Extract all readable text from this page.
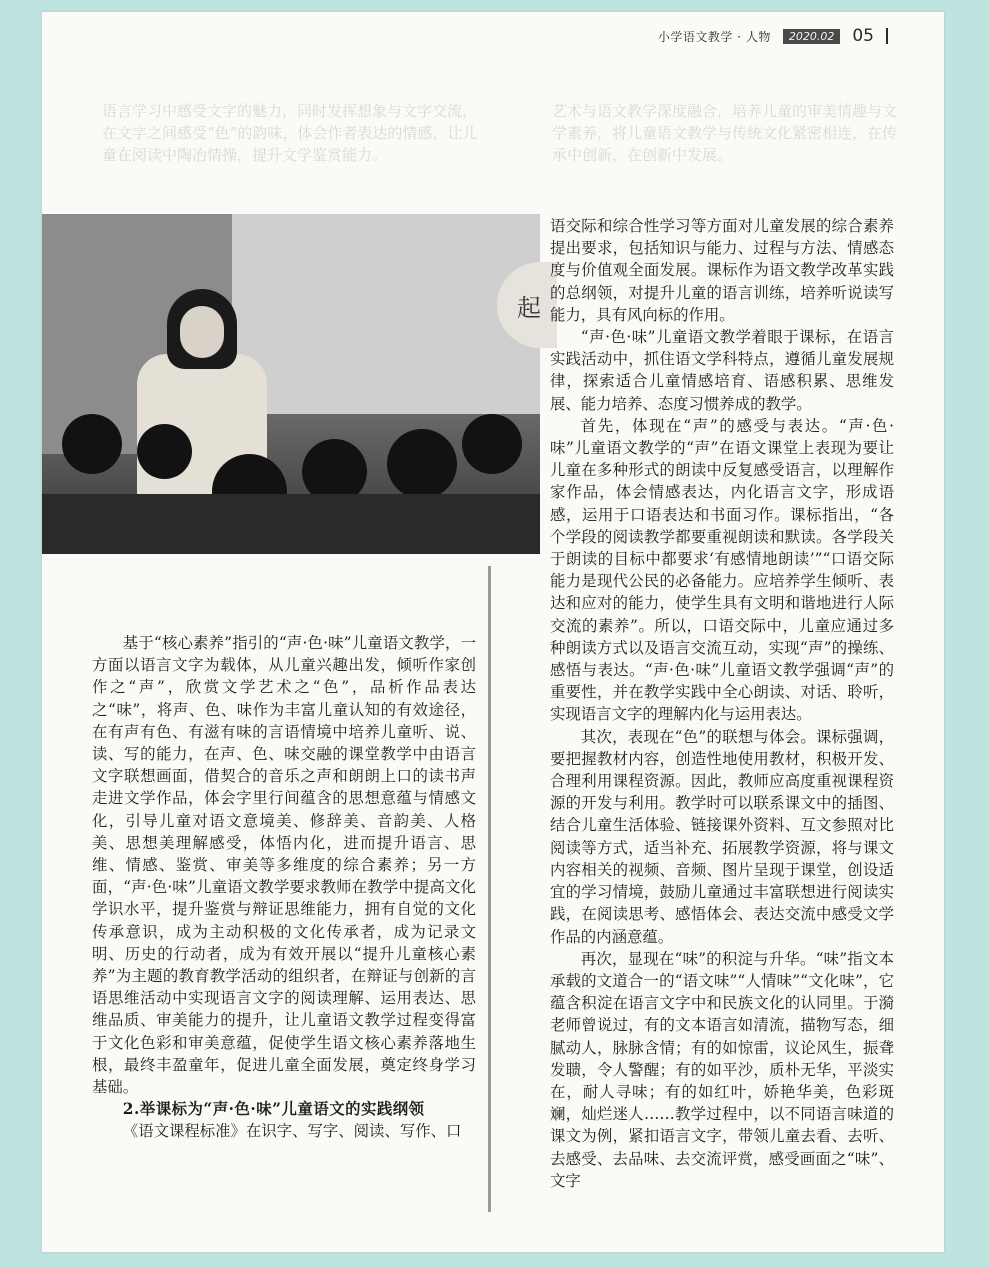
小学语文教学 · 人物	2020.02	05
语言学习中感受文字的魅力，同时发挥想象与文字交流，在文字之间感受“色”的韵味，体会作者表达的情感，让儿童在阅读中陶冶情操，提升文学鉴赏能力。
艺术与语文教学深度融合，培养儿童的审美情趣与文学素养，将儿童语文教学与传统文化紧密相连，在传承中创新，在创新中发展。
起

语交际和综合性学习等方面对儿童发展的综合素养提出要求，包括知识与能力、过程与方法、情感态度与价值观全面发展。课标作为语文教学改革实践的总纲领，对提升儿童的语言训练，培养听说读写能力，具有风向标的作用。

“声·色·味”儿童语文教学着眼于课标，在语言实践活动中，抓住语文学科特点，遵循儿童发展规律，探索适合儿童情感培育、语感积累、思维发展、能力培养、态度习惯养成的教学。

首先，体现在“声”的感受与表达。“声·色·味”儿童语文教学的“声”在语文课堂上表现为要让儿童在多种形式的朗读中反复感受语言，以理解作家作品，体会情感表达，内化语言文字，形成语感，运用于口语表达和书面习作。课标指出，“各个学段的阅读教学都要重视朗读和默读。各学段关于朗读的目标中都要求‘有感情地朗读’”“口语交际能力是现代公民的必备能力。应培养学生倾听、表达和应对的能力，使学生具有文明和谐地进行人际交流的素养”。所以，口语交际中，儿童应通过多种朗读方式以及语言交流互动，实现“声”的操练、感悟与表达。“声·色·味”儿童语文教学强调“声”的重要性，并在教学实践中全心朗读、对话、聆听，实现语言文字的理解内化与运用表达。

其次，表现在“色”的联想与体会。课标强调，要把握教材内容，创造性地使用教材，积极开发、合理利用课程资源。因此，教师应高度重视课程资源的开发与利用。教学时可以联系课文中的插图、结合儿童生活体验、链接课外资料、互文参照对比阅读等方式，适当补充、拓展教学资源，将与课文内容相关的视频、音频、图片呈现于课堂，创设适宜的学习情境，鼓励儿童通过丰富联想进行阅读实践，在阅读思考、感悟体会、表达交流中感受文学作品的内涵意蕴。

再次，显现在“味”的积淀与升华。“味”指文本承载的文道合一的“语文味”“人情味”“文化味”，它蕴含积淀在语言文字中和民族文化的认同里。于漪老师曾说过，有的文本语言如清流，描物写态，细腻动人，脉脉含情；有的如惊雷，议论风生，振聋发聩，令人警醒；有的如平沙，质朴无华，平淡实在，耐人寻味；有的如红叶，娇艳华美，色彩斑斓，灿烂迷人……教学过程中，以不同语言味道的课文为例，紧扣语言文字，带领儿童去看、去听、去感受、去品味、去交流评赏，感受画面之“味”、文字

基于“核心素养”指引的“声·色·味”儿童语文教学，一方面以语言文字为载体，从儿童兴趣出发，倾听作家创作之“声”，欣赏文学艺术之“色”，品析作品表达之“味”，将声、色、味作为丰富儿童认知的有效途径，在有声有色、有滋有味的言语情境中培养儿童听、说、读、写的能力，在声、色、味交融的课堂教学中由语言文字联想画面，借契合的音乐之声和朗朗上口的读书声走进文学作品，体会字里行间蕴含的思想意蕴与情感文化，引导儿童对语文意境美、修辞美、音韵美、人格美、思想美理解感受，体悟内化，进而提升语言、思维、情感、鉴赏、审美等多维度的综合素养；另一方面，“声·色·味”儿童语文教学要求教师在教学中提高文化学识水平，提升鉴赏与辩证思维能力，拥有自觉的文化传承意识，成为主动积极的文化传承者，成为记录文明、历史的行动者，成为有效开展以“提升儿童核心素养”为主题的教育教学活动的组织者，在辩证与创新的言语思维活动中实现语言文字的阅读理解、运用表达、思维品质、审美能力的提升，让儿童语文教学过程变得富于文化色彩和审美意蕴，促使学生语文核心素养落地生根，最终丰盈童年，促进儿童全面发展，奠定终身学习基础。

2.举课标为“声·色·味”儿童语文的实践纲领

《语文课程标准》在识字、写字、阅读、写作、口
